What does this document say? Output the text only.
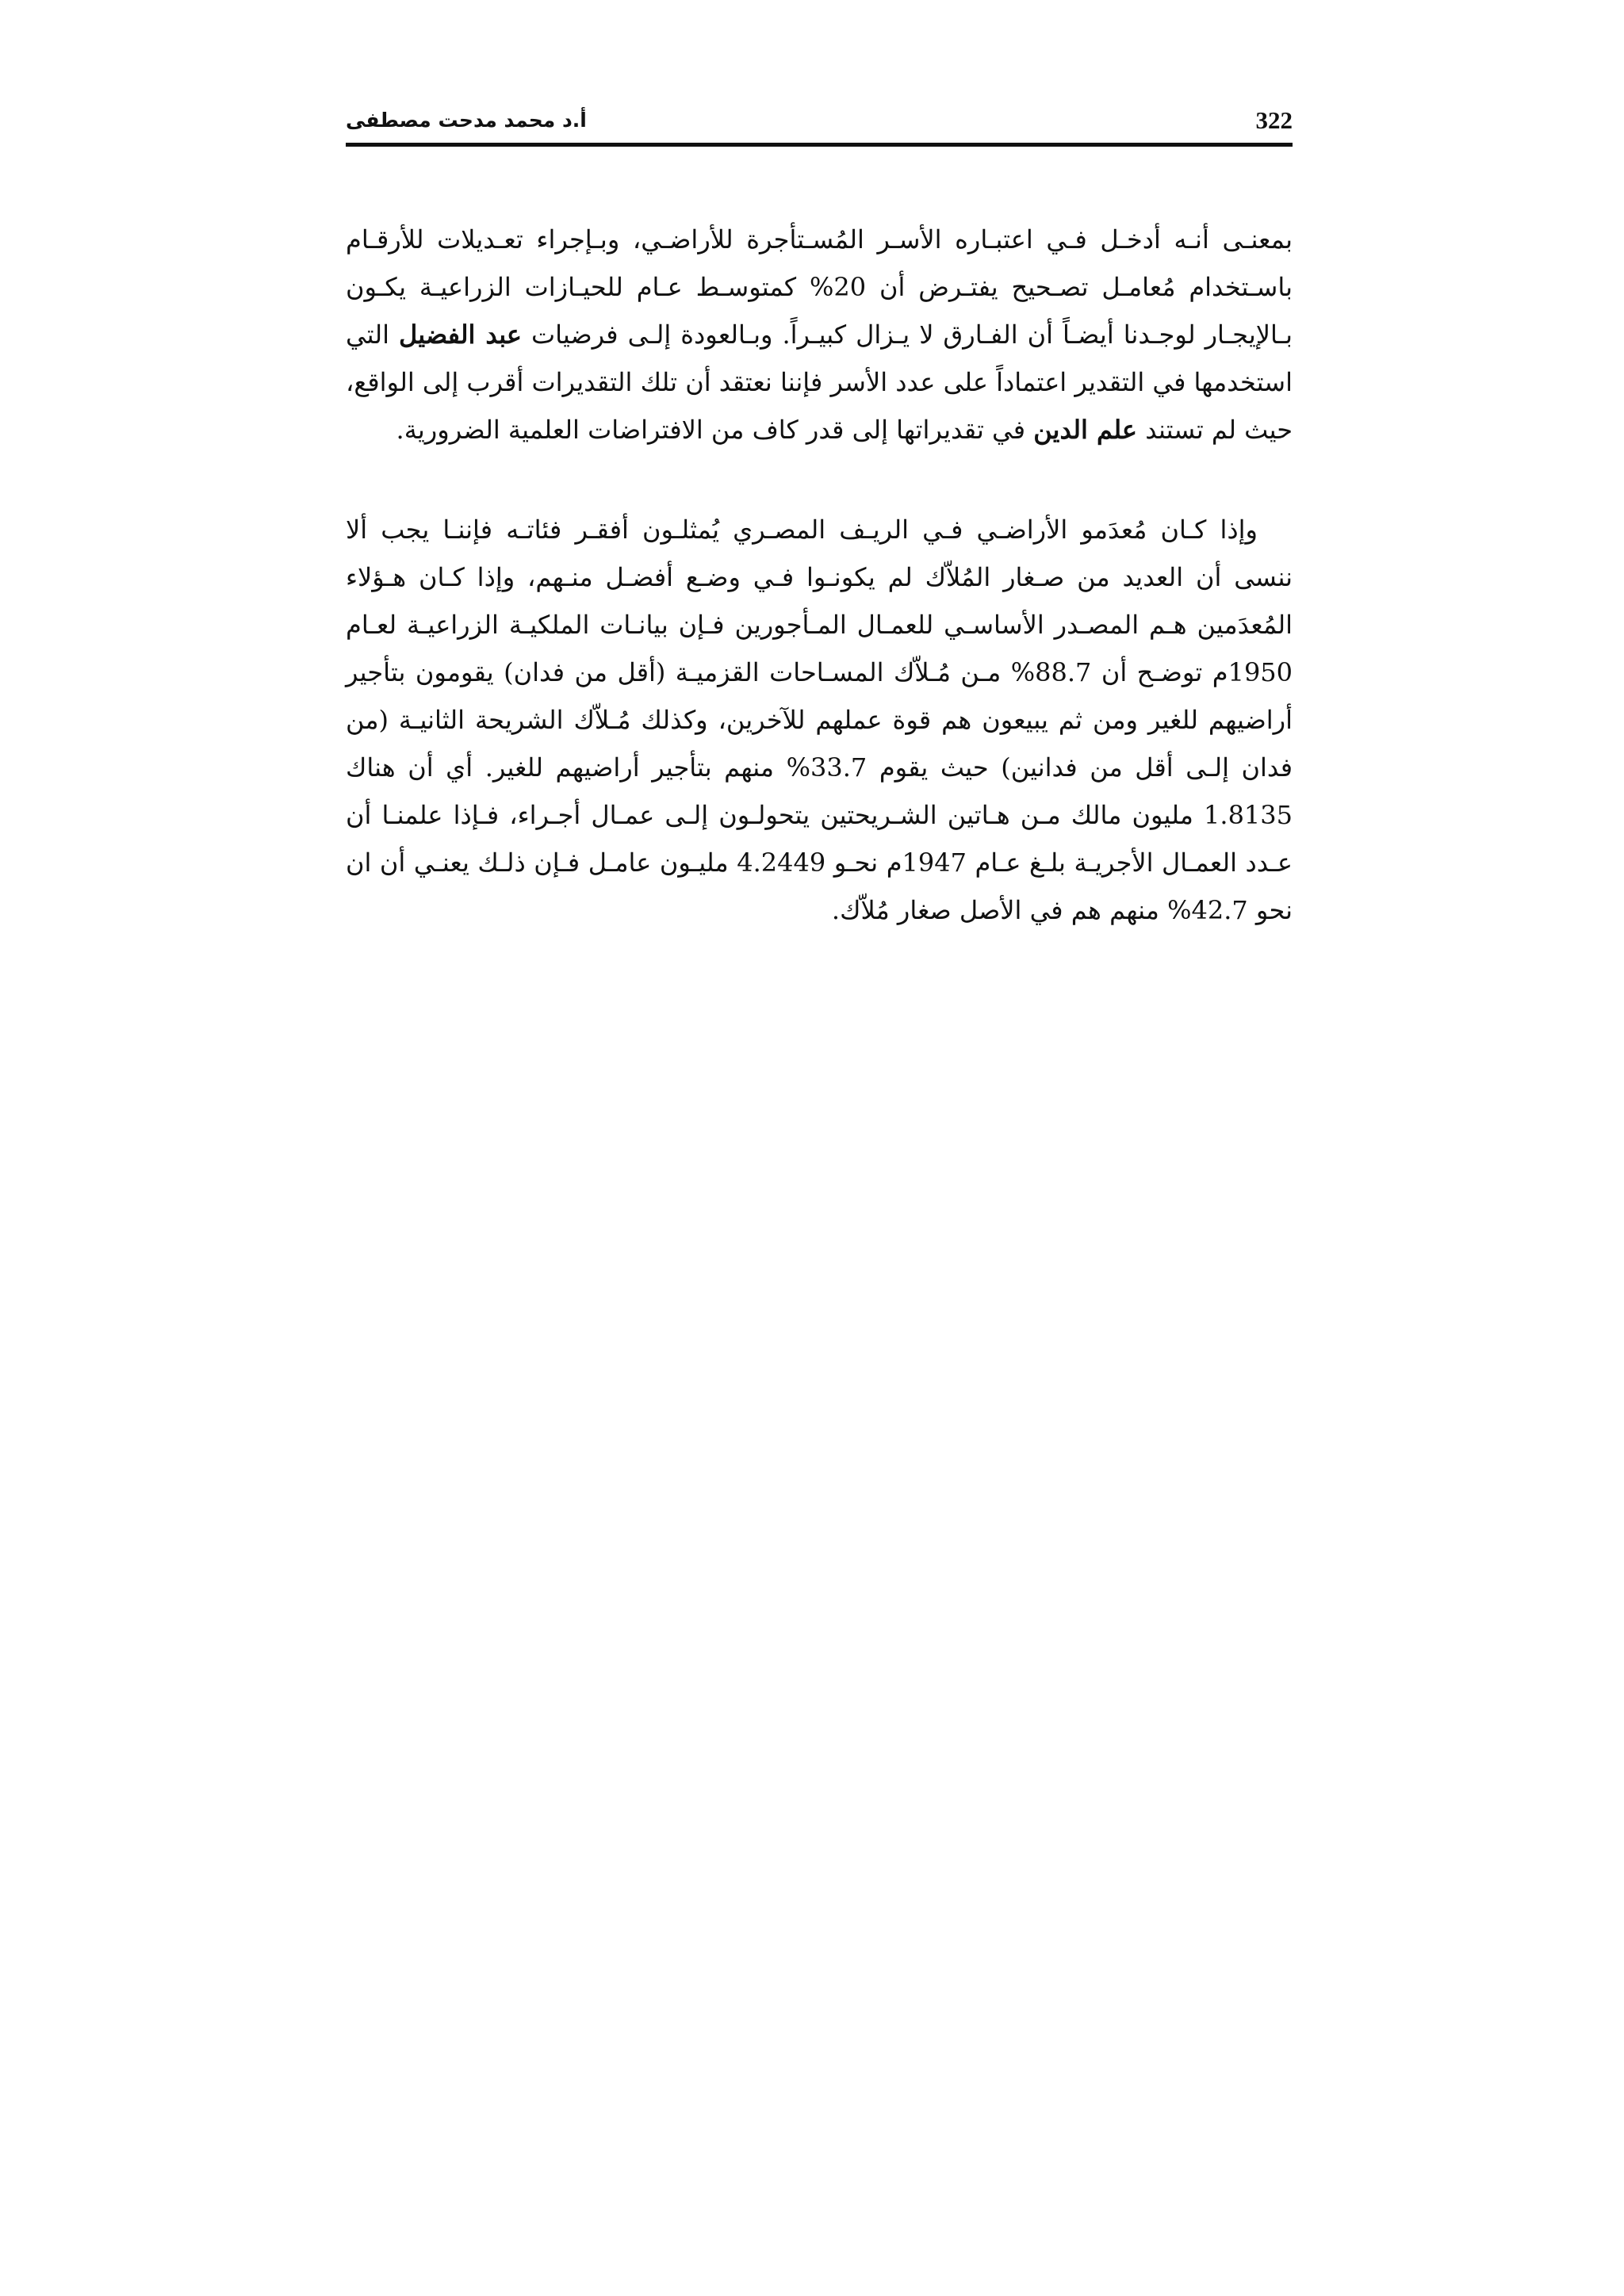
322
أ.د محمد مدحت مصطفى

بمعنـى أنـه أدخـل فـي اعتبـاره الأسـر المُسـتأجرة للأراضـي، وبـإجراء تعـديلات للأرقـام باسـتخدام مُعامـل تصـحيح يفتـرض أن 20% كمتوسـط عـام للحيـازات الزراعيـة يكـون بـالإيجـار لوجـدنا أيضـاً أن الفـارق لا يـزال كبيـراً. وبـالعودة إلـى فرضيات عبد الفضيل التي استخدمها في التقدير اعتماداً على عدد الأسر فإننا نعتقد أن تلك التقديرات أقرب إلى الواقع، حيث لم تستند علم الدين في تقديراتها إلى قدر كاف من الافتراضات العلمية الضرورية.

وإذا كـان مُعدَمو الأراضـي فـي الريـف المصـري يُمثلـون أفقـر فئاتـه فإننـا يجب ألا ننسى أن العديد من صـغار المُلاّك لم يكونـوا فـي وضـع أفضـل منـهم، وإذا كـان هـؤلاء المُعدَمين هـم المصـدر الأساسـي للعمـال المـأجورين فـإن بيانـات الملكيـة الزراعيـة لعـام 1950م توضـح أن 88.7% مـن مُـلاّك المسـاحات القزميـة (أقل من فدان) يقومون بتأجير أراضيهم للغير ومن ثم يبيعون هم قوة عملهم للآخرين، وكذلك مُـلاّك الشريحة الثانيـة (من فدان إلـى أقل من فدانين) حيث يقوم 33.7% منهم بتأجير أراضيهم للغير. أي أن هناك 1.8135 مليون مالك مـن هـاتين الشـريحتين يتحولـون إلـى عمـال أجـراء، فـإذا علمنـا أن عـدد العمـال الأجريـة بلـغ عـام 1947م نحـو 4.2449 مليـون عامـل فـإن ذلـك يعنـي أن ان نحو 42.7% منهم هم في الأصل صغار مُلاّك.
